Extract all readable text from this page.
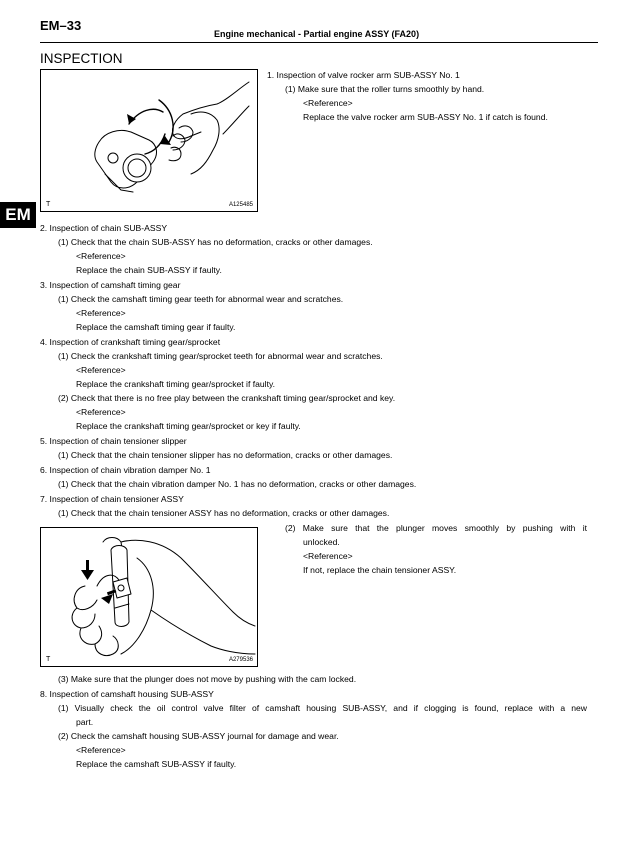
EM–33
Engine mechanical - Partial engine ASSY (FA20)
INSPECTION
EM
T	A125485
T	A279536
1. Inspection of valve rocker arm SUB-ASSY No. 1
(1) Make sure that the roller turns smoothly by hand.
<Reference>
Replace the valve rocker arm SUB-ASSY No. 1 if catch is found.
2. Inspection of chain SUB-ASSY
(1) Check that the chain SUB-ASSY has no deformation, cracks or other damages.
<Reference>
Replace the chain SUB-ASSY if faulty.
3. Inspection of camshaft timing gear
(1) Check the camshaft timing gear teeth for abnormal wear and scratches.
<Reference>
Replace the camshaft timing gear if faulty.
4. Inspection of crankshaft timing gear/sprocket
(1) Check the crankshaft timing gear/sprocket teeth for abnormal wear and scratches.
<Reference>
Replace the crankshaft timing gear/sprocket if faulty.
(2) Check that there is no free play between the crankshaft timing gear/sprocket and key.
<Reference>
Replace the crankshaft timing gear/sprocket or key if faulty.
5. Inspection of chain tensioner slipper
(1) Check that the chain tensioner slipper has no deformation, cracks or other damages.
6. Inspection of chain vibration damper No. 1
(1) Check that the chain vibration damper No. 1 has no deformation, cracks or other damages.
7. Inspection of chain tensioner ASSY
(1) Check that the chain tensioner ASSY has no deformation, cracks or other damages.
(2) Make sure that the plunger moves smoothly by pushing with it
unlocked.
<Reference>
If not, replace the chain tensioner ASSY.
(3) Make sure that the plunger does not move by pushing with the cam locked.
8. Inspection of camshaft housing SUB-ASSY
(1) Visually check the oil control valve filter of camshaft housing SUB-ASSY, and if clogging is found, replace with a new
part.
(2) Check the camshaft housing SUB-ASSY journal for damage and wear.
<Reference>
Replace the camshaft SUB-ASSY if faulty.
